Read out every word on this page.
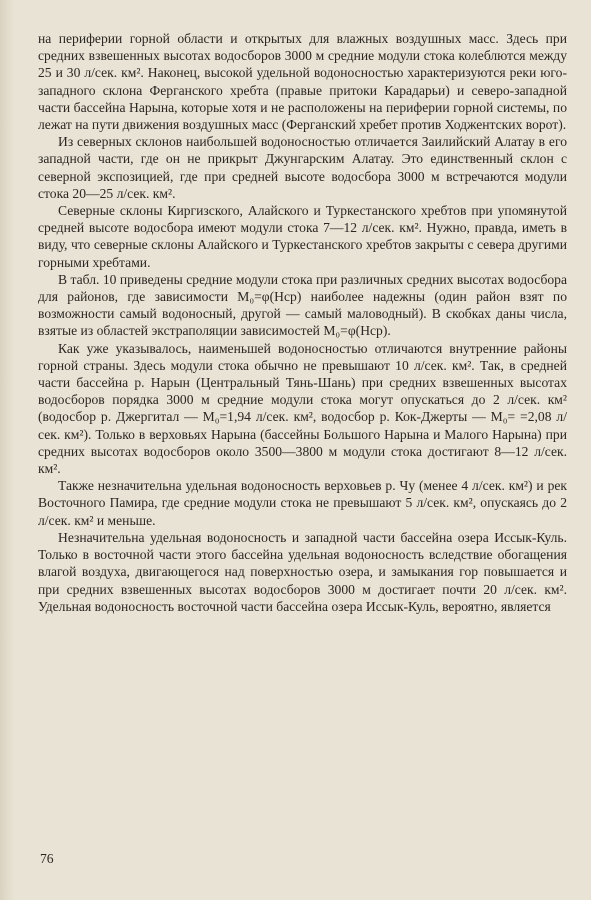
на периферии горной области и открытых для влажных воздушных масс. Здесь при средних взвешенных высотах водосборов 3000 м средние модули стока колеблются между 25 и 30 л/сек. км². Наконец, высокой удельной водоносностью характеризуются реки юго-западного склона Ферганского хребта (правые притоки Карадарьи) и северо-западной части бассейна Нарына, которые хотя и не расположены на периферии горной системы, по лежат на пути движения воздушных масс (Ферганский хребет против Ходжентских ворот).

Из северных склонов наибольшей водоносностью отличается Заилийский Алатау в его западной части, где он не прикрыт Джунгарским Алатау. Это единственный склон с северной экспозицией, где при средней высоте водосбора 3000 м встречаются модули стока 20—25 л/сек. км².

Северные склоны Киргизского, Алайского и Туркестанского хребтов при упомянутой средней высоте водосбора имеют модули стока 7—12 л/сек. км². Нужно, правда, иметь в виду, что северные склоны Алайского и Туркестанского хребтов закрыты с севера другими горными хребтами.

В табл. 10 приведены средние модули стока при различных средних высотах водосбора для районов, где зависимости M₀=φ(Hср) наиболее надежны (один район взят по возможности самый водоносный, другой — самый маловодный). В скобках даны числа, взятые из областей экстраполяции зависимостей M₀=φ(Hср).

Как уже указывалось, наименьшей водоносностью отличаются внутренние районы горной страны. Здесь модули стока обычно не превышают 10 л/сек. км². Так, в средней части бассейна р. Нарын (Центральный Тянь-Шань) при средних взвешенных высотах водосборов порядка 3000 м средние модули стока могут опускаться до 2 л/сек. км² (водосбор р. Джергитал — M₀=1,94 л/сек. км², водосбор р. Кок-Джерты — M₀= =2,08 л/сек. км²). Только в верховьях Нарына (бассейны Большого Нарына и Малого Нарына) при средних высотах водосборов около 3500—3800 м модули стока достигают 8—12 л/сек. км².

Также незначительна удельная водоносность верховьев р. Чу (менее 4 л/сек. км²) и рек Восточного Памира, где средние модули стока не превышают 5 л/сек. км², опускаясь до 2 л/сек. км² и меньше.

Незначительна удельная водоносность и западной части бассейна озера Иссык-Куль. Только в восточной части этого бассейна удельная водоносность вследствие обогащения влагой воздуха, двигающегося над поверхностью озера, и замыкания гор повышается и при средних взвешенных высотах водосборов 3000 м достигает почти 20 л/сек. км². Удельная водоносность восточной части бассейна озера Иссык-Куль, вероятно, является

76
